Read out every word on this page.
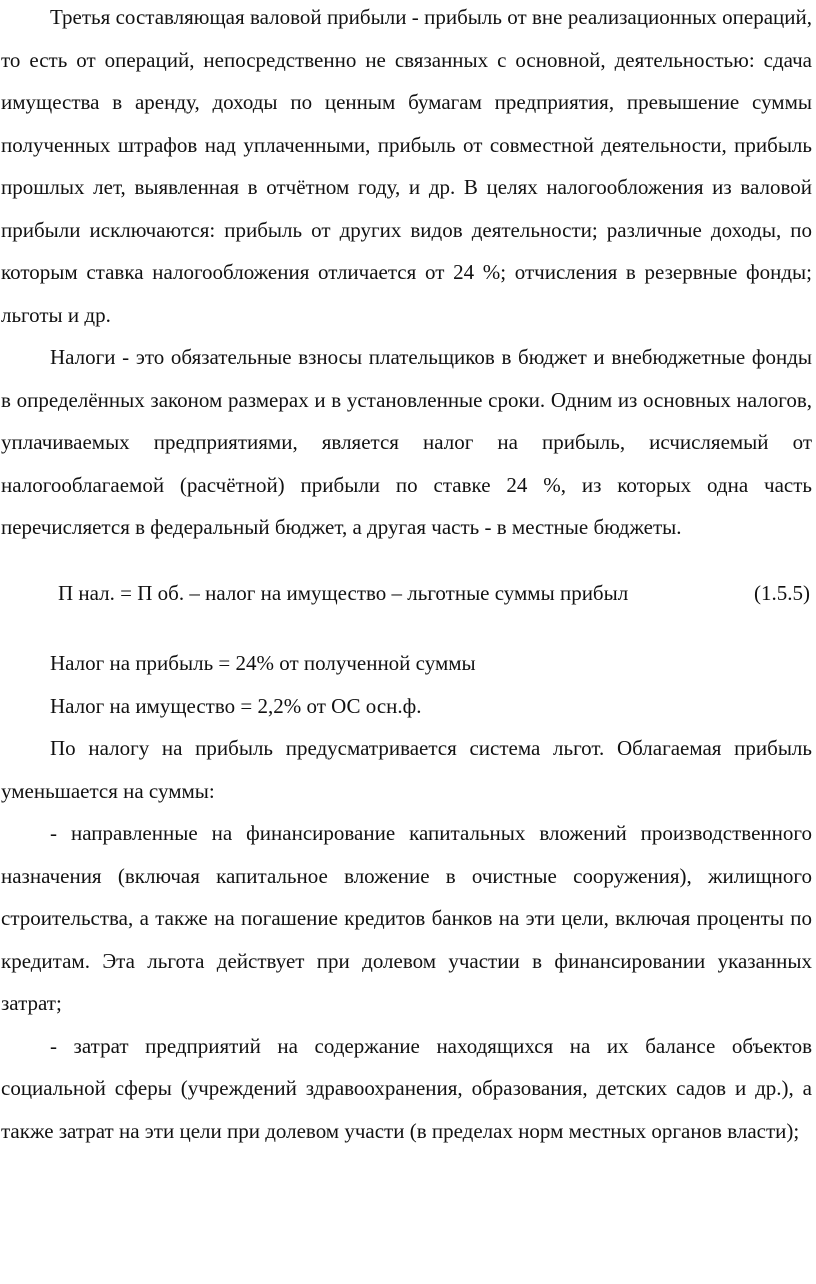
Третья составляющая валовой прибыли - прибыль от вне реализационных операций, то есть от операций, непосредственно не связанных с основной, деятельностью: сдача имущества в аренду, доходы по ценным бумагам предприятия, превышение суммы полученных штрафов над уплаченными, прибыль от совместной деятельности, прибыль прошлых лет, выявленная в отчётном году, и др. В целях налогообложения из валовой прибыли исключаются: прибыль от других видов деятельности; различные доходы, по которым ставка налогообложения отличается от 24 %; отчисления в резервные фонды; льготы и др.

Налоги - это обязательные взносы плательщиков в бюджет и внебюджетные фонды в определённых законом размерах и в установленные сроки. Одним из основных налогов, уплачиваемых предприятиями, является налог на прибыль, исчисляемый от налогооблагаемой (расчётной) прибыли по ставке 24 %, из которых одна часть перечисляется в федеральный бюджет, а другая часть - в местные бюджеты.

П нал. = П об. – налог на имущество – льготные суммы прибыл	(1.5.5)

Налог на прибыль = 24% от полученной суммы

Налог на имущество = 2,2% от ОС осн.ф.

По налогу на прибыль предусматривается система льгот. Облагаемая прибыль уменьшается на суммы:

- направленные на финансирование капитальных вложений производственного назначения (включая капитальное вложение в очистные сооружения), жилищного строительства, а также на погашение кредитов банков на эти цели, включая проценты по кредитам. Эта льгота действует при долевом участии в финансировании указанных затрат;

- затрат предприятий на содержание находящихся на их балансе объектов социальной сферы (учреждений здравоохранения, образования, детских садов и др.), а также затрат на эти цели при долевом участи (в пределах норм местных органов власти);
